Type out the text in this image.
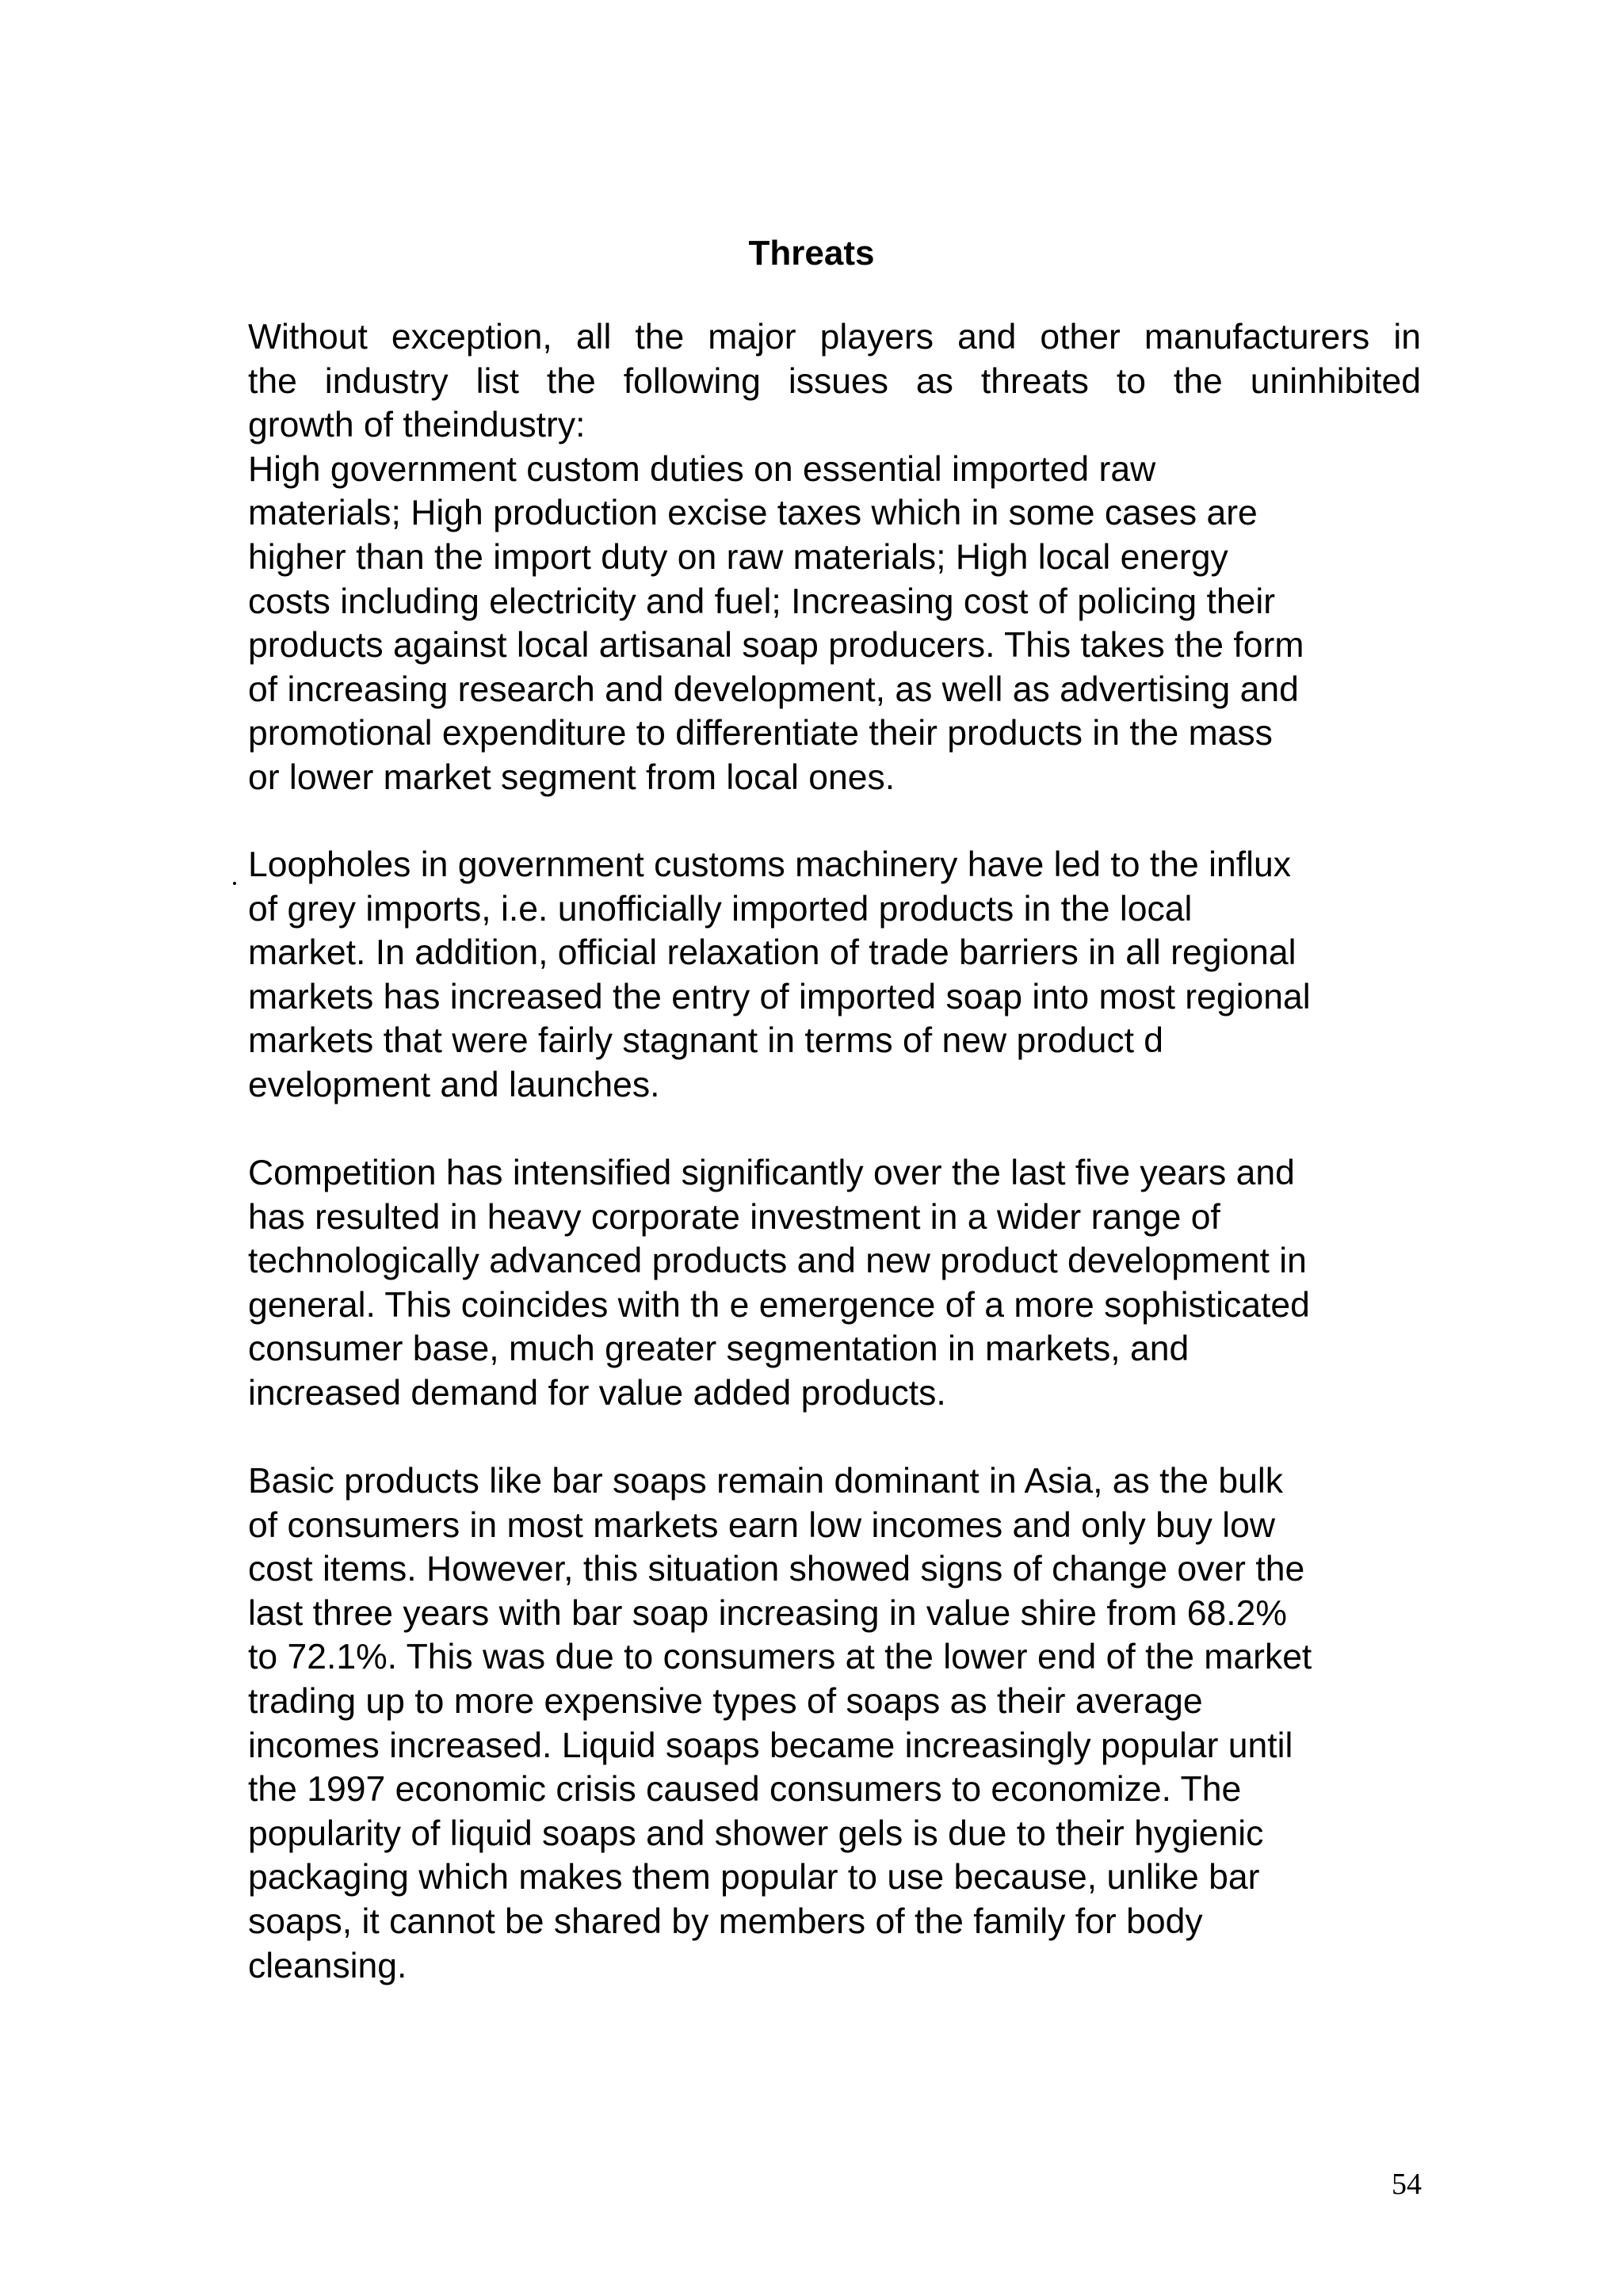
Threats

Without exception, all the major players and other manufacturers in
the industry list the following issues as threats to the uninhibited
growth of theindustry:
High government custom duties on essential imported raw
materials; High production excise taxes which in some cases are
higher than the import duty on raw materials; High local energy
costs including electricity and fuel; Increasing cost of policing their
products against local artisanal soap producers. This takes the form
of increasing research and development, as well as advertising and
promotional expenditure to differentiate their products in the mass
or lower market segment from local ones.

Loopholes in government customs machinery have led to the influx
of grey imports, i.e. unofficially imported products in the local
market. In addition, official relaxation of trade barriers in all regional
markets has increased the entry of imported soap into most regional
markets that were fairly stagnant in terms of new product d
evelopment and launches.

Competition has intensified significantly over the last five years and
has resulted in heavy corporate investment in a wider range of
technologically advanced products and new product development in
general. This coincides with th e emergence of a more sophisticated
consumer base, much greater segmentation in markets, and
increased demand for value added products.

Basic products like bar soaps remain dominant in Asia, as the bulk
of consumers in most markets earn low incomes and only buy low
cost items. However, this situation showed signs of change over the
last three years with bar soap increasing in value shire from 68.2%
to 72.1%. This was due to consumers at the lower end of the market
trading up to more expensive types of soaps as their average
incomes increased. Liquid soaps became increasingly popular until
the 1997 economic crisis caused consumers to economize. The
popularity of liquid soaps and shower gels is due to their hygienic
packaging which makes them popular to use because, unlike bar
soaps, it cannot be shared by members of the family for body
cleansing.

54
